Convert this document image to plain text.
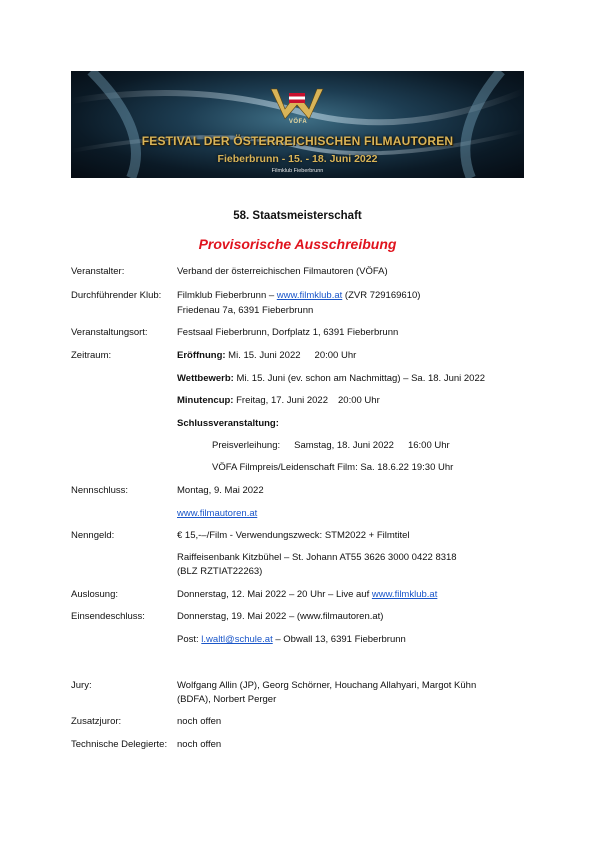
VÖFA
FESTIVAL DER ÖSTERREICHISCHEN FILMAUTOREN
Fieberbrunn - 15. - 18. Juni 2022
Filmklub Fieberbrunn
58. Staatsmeisterschaft
Provisorische Ausschreibung
Veranstalter:	Verband der österreichischen Filmautoren (VÖFA)
Durchführender Klub: Filmklub Fieberbrunn – www.filmklub.at (ZVR 729169610)
Friedenau 7a, 6391 Fieberbrunn
Veranstaltungsort:	Festsaal Fieberbrunn, Dorfplatz 1, 6391 Fieberbrunn
Zeitraum:	Eröffnung: Mi. 15. Juni 2022 20:00 Uhr
Wettbewerb: Mi. 15. Juni (ev. schon am Nachmittag) – Sa. 18. Juni 2022
Minutencup: Freitag, 17. Juni 2022 20:00 Uhr
Schlussveranstaltung:
Preisverleihung: Samstag, 18. Juni 2022 16:00 Uhr
VÖFA Filmpreis/Leidenschaft Film: Sa. 18.6.22 19:30 Uhr
Nennschluss:	Montag, 9. Mai 2022
www.filmautoren.at
Nenngeld:	€ 15,-–/Film - Verwendungszweck: STM2022 + Filmtitel
Raiffeisenbank Kitzbühel – St. Johann AT55 3626 3000 0422 8318
(BLZ RZTIAT22263)
Auslosung:	Donnerstag, 12. Mai 2022 – 20 Uhr – Live auf www.filmklub.at
Einsendeschluss:	Donnerstag, 19. Mai 2022 – (www.filmautoren.at)
Post: l.waltl@schule.at – Obwall 13, 6391 Fieberbrunn
Jury:	Wolfgang Allin (JP), Georg Schörner, Houchang Allahyari, Margot Kühn
(BDFA), Norbert Perger
Zusatzjuror:	noch offen
Technische Delegierte: noch offen
